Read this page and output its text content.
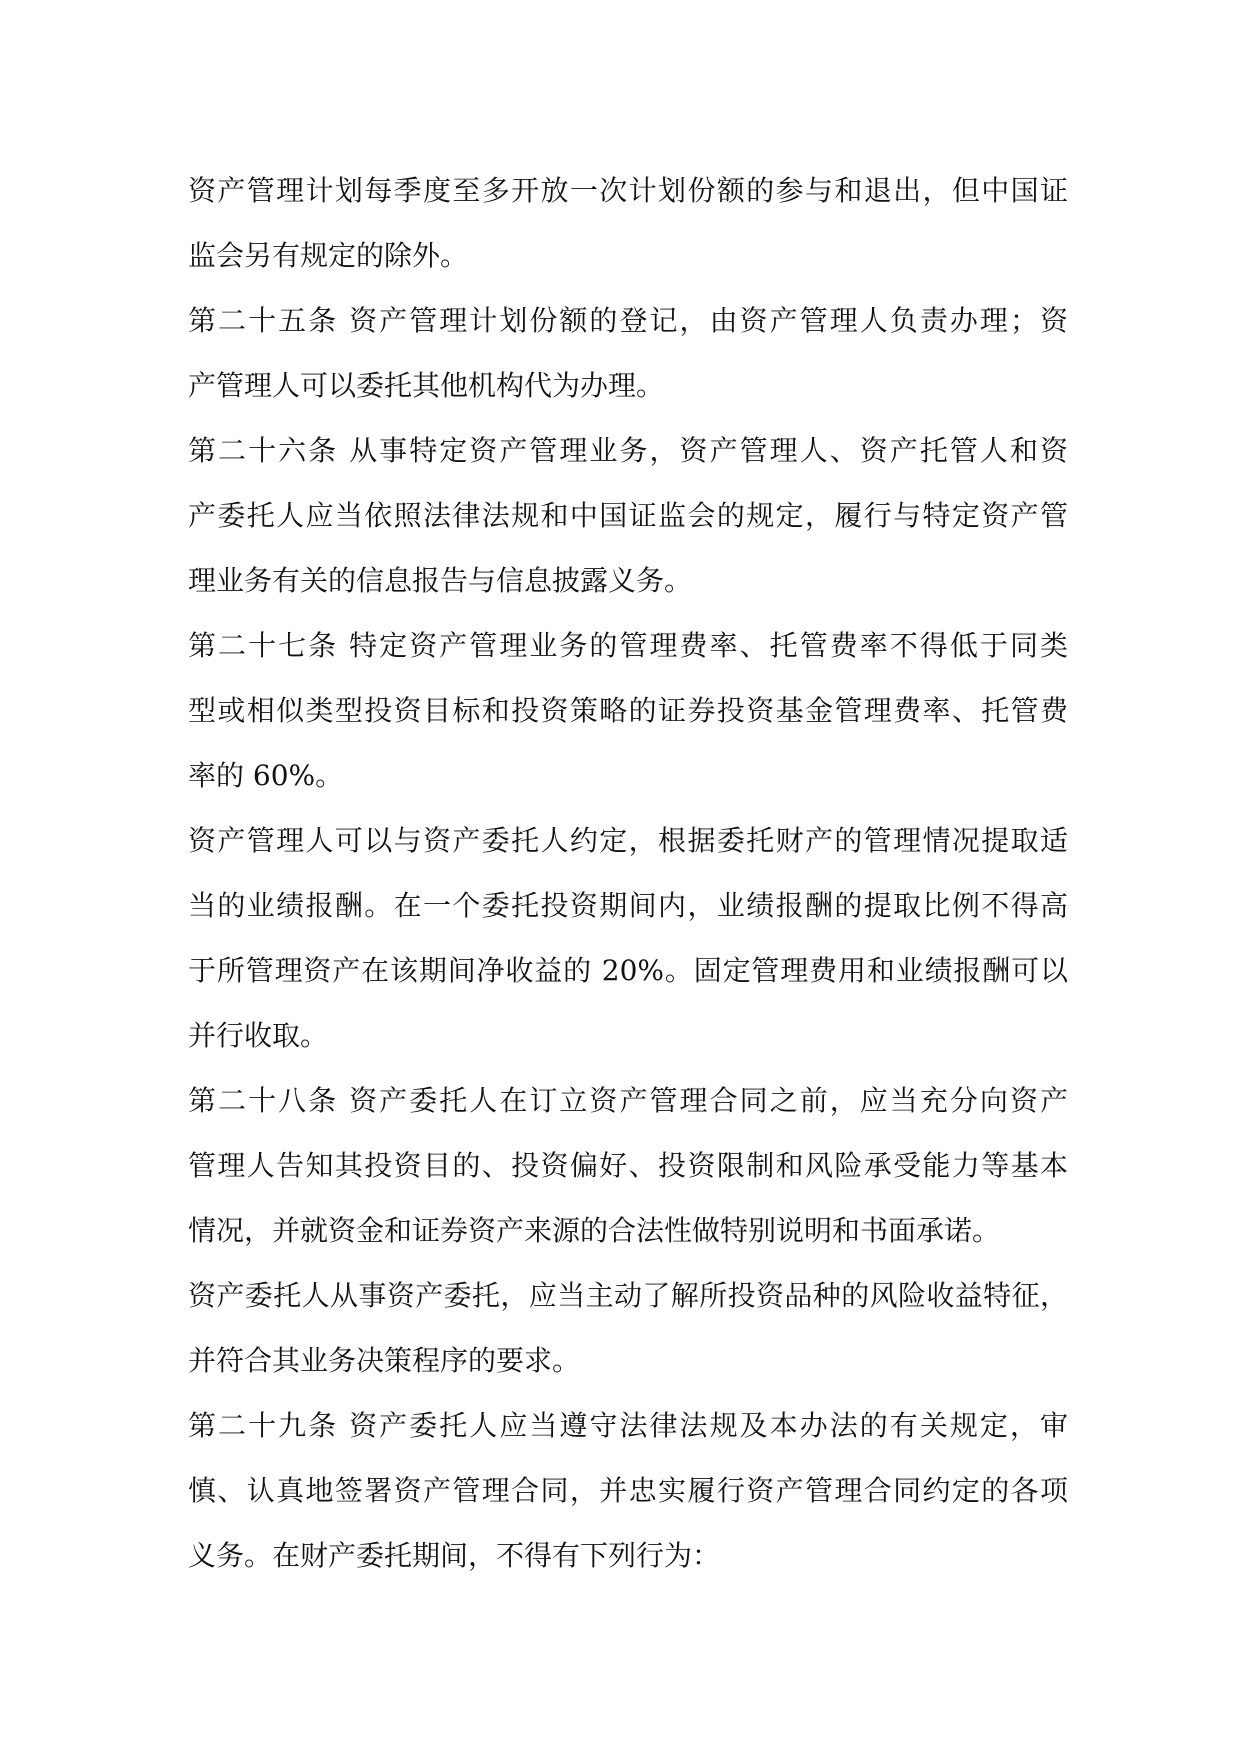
资产管理计划每季度至多开放一次计划份额的参与和退出，但中国证
监会另有规定的除外。
第二十五条 资产管理计划份额的登记，由资产管理人负责办理；资
产管理人可以委托其他机构代为办理。
第二十六条 从事特定资产管理业务，资产管理人、资产托管人和资
产委托人应当依照法律法规和中国证监会的规定，履行与特定资产管
理业务有关的信息报告与信息披露义务。
第二十七条 特定资产管理业务的管理费率、托管费率不得低于同类
型或相似类型投资目标和投资策略的证券投资基金管理费率、托管费
率的 60%。
资产管理人可以与资产委托人约定，根据委托财产的管理情况提取适
当的业绩报酬。在一个委托投资期间内，业绩报酬的提取比例不得高
于所管理资产在该期间净收益的 20%。固定管理费用和业绩报酬可以
并行收取。
第二十八条 资产委托人在订立资产管理合同之前，应当充分向资产
管理人告知其投资目的、投资偏好、投资限制和风险承受能力等基本
情况，并就资金和证券资产来源的合法性做特别说明和书面承诺。
资产委托人从事资产委托，应当主动了解所投资品种的风险收益特征，
并符合其业务决策程序的要求。
第二十九条 资产委托人应当遵守法律法规及本办法的有关规定，审
慎、认真地签署资产管理合同，并忠实履行资产管理合同约定的各项
义务。在财产委托期间，不得有下列行为：
